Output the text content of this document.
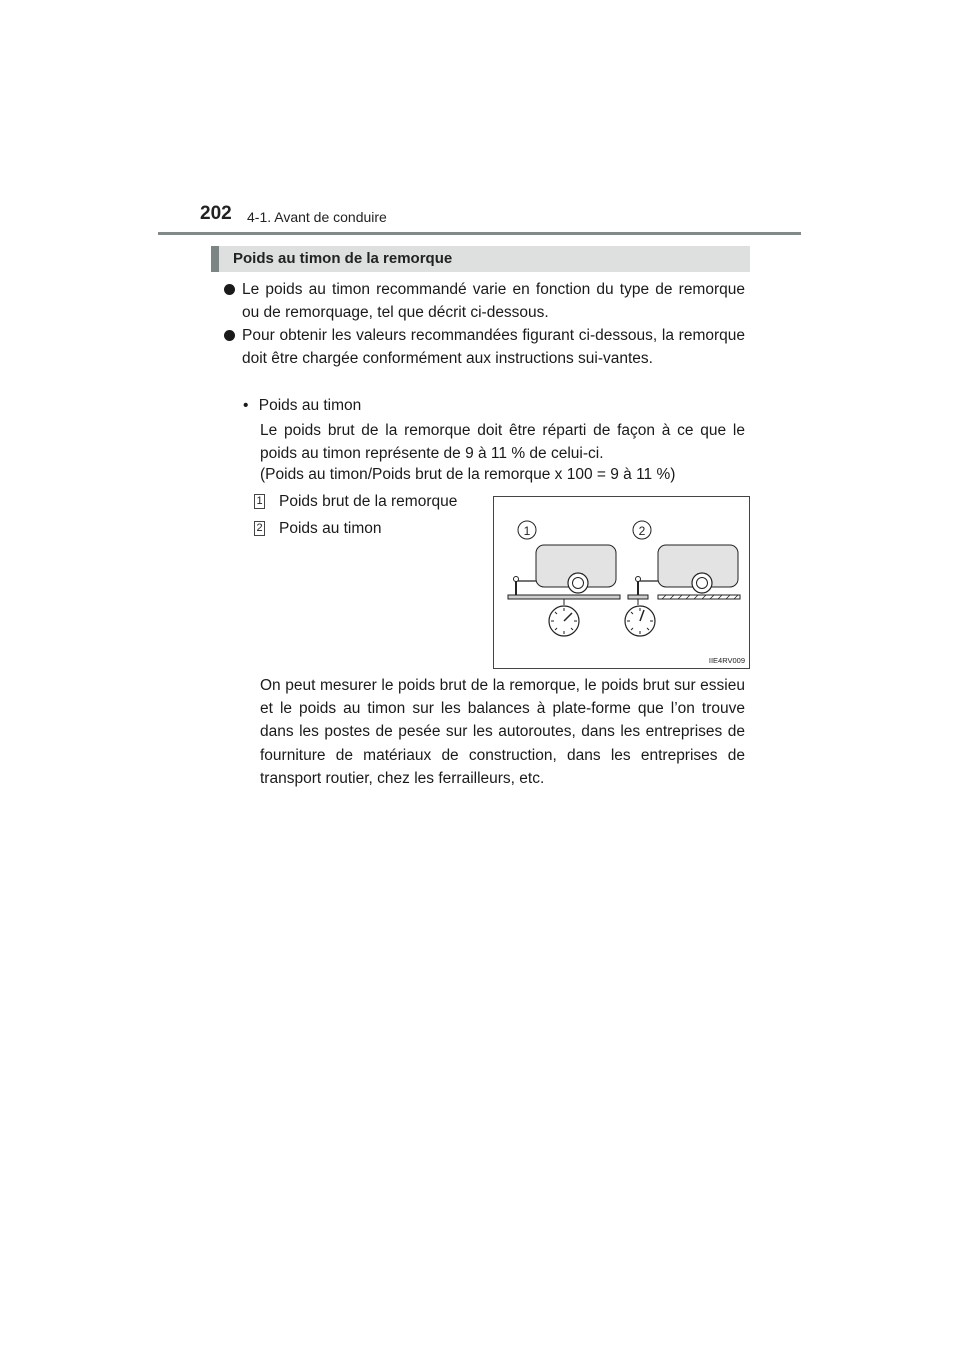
202 4-1. Avant de conduire
Poids au timon de la remorque
Le poids au timon recommandé varie en fonction du type de remorque ou de remorquage, tel que décrit ci-dessous.
Pour obtenir les valeurs recommandées figurant ci-dessous, la remorque doit être chargée conformément aux instructions sui-vantes.
• Poids au timon
Le poids brut de la remorque doit être réparti de façon à ce que le poids au timon représente de 9 à 11 % de celui-ci.
(Poids au timon/Poids brut de la remorque x 100 = 9 à 11 %)
1 Poids brut de la remorque
2 Poids au timon	1	2
IIE4RV009
On peut mesurer le poids brut de la remorque, le poids brut sur essieu et le poids au timon sur les balances à plate-forme que l’on trouve dans les postes de pesée sur les autoroutes, dans les entreprises de fourniture de matériaux de construction, dans les entreprises de transport routier, chez les ferrailleurs, etc.
